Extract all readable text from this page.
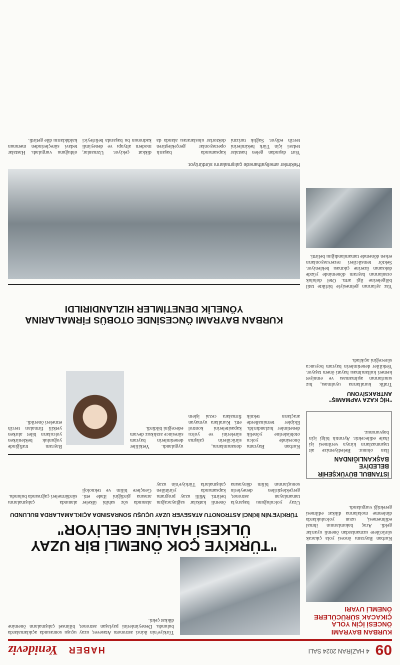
09
4 HAZİRAN 2024 SALI
HABER
Yenideviz
KURBAN BAYRAMI ÖNCESİ İÇİN YOLA ÇIKACAK SÜRÜCÜLERE ÖNEMLİ UYARI
Kurban Bayramı öncesi yola çıkacak sürücülere uzmanlardan önemli uyarılar geldi. Araç bakımlarının ihmal edilmemesi, uzun yolculuklarda dinlenme molalarına dikkat edilmesi gerektiği vurgulandı.
İSTANBUL BÜYÜKŞEHİR BELEDİYE BAŞKANLIĞINDAN
İlan olunur. Belediyemize ait taşınmazların kiraya verilmesi işi ihale edilecektir. Ayrıntılı bilgi için başvurunuz.
"HİÇ KAZA YAPMAMIŞ" ANTRAKSİYONU
Trafik kurallarına uyulması, hız sınırlarının aşılmaması ve emniyet kemeri kullanılması hayati önem taşıyor. Yetkililer denetimlerin bayram boyunca süreceğini açıkladı.
Türkiye'nin ikinci astronotu Atasever, uzay uçuşu sonrasında açıklamalarda bulundu. Deneyimlerini paylaşan astronot, bilimsel çalışmaların önemine dikkat çekti.
"TÜRKİYE ÇOK ÖNEMLİ BİR UZAY ÜLKESİ HALİNE GELİYOR"
TÜRKİYE'NİN İKİNCİ ASTRONOTU ATASEVER UZAY UÇUŞU SONRASINDA AÇIKLAMALARDA BULUNDU
Uzay yolculuğunu başarıyla tamamlayan astronot, gerçekleştirilen deneylerin sonuçlarının bilim dünyasına önemli katkılar sağlayacağını belirtti. Milli uzay programı kapsamında yürütülen çalışmalarla Türkiye'nin uzay alanında söz sahibi ülkeler arasına girdiğini ifade etti. Gençlere bilim ve teknoloji alanında çalışmalarını sürdürmeleri çağrısında bulundu.
Kurban Bayramı öncesinde yolcu otobüslerine yönelik denetimler hızlandırıldı. Ekipler terminallerde araçların teknik donanımlarını, sürücülerin çalışma sürelerini ve yolcu kapasitelerini kontrol etti. Kurallara uymayan firmalara cezai işlem uygulandı. Yetkililer denetimlerin bayram süresince aralıksız devam edeceğini bildirdi.
Bayram trafiğinde yoğunluk beklenirken yolcuların bilet alırken yetkili firmaları tercih etmeleri önerildi.
KURBAN BAYRAMI ÖNCESİNDE OTOBÜS FİRMALARINA YÖNELİK DENETİMLER HIZLANDIRILDI
Hekimler ameliyathanede çalışmalarını sürdürüyor.
Yurt dışından gelen hastalar tedavi için Türk hekimlerini tercih ediyor. Sağlık turizmi kapsamında başarılı operasyonlar gerçekleştiren doktorlar uluslararası alanda da dikkat çekiyor. Uzmanlar, modern altyapı ve deneyimli kadronun bu başarıda belirleyici olduğunu vurguladı. Hastalar tedavi süreçlerinden memnun kaldıklarını dile getirdi.
Yaz aylarının gelmesiyle birlikte tatil bölgelerine ilgi arttı. Otel doluluk oranlarının bayram döneminde yüzde doksanın üzerine çıkması bekleniyor. Sektör temsilcileri rezervasyonların erken dönemde tamamlandığını belirtti.
